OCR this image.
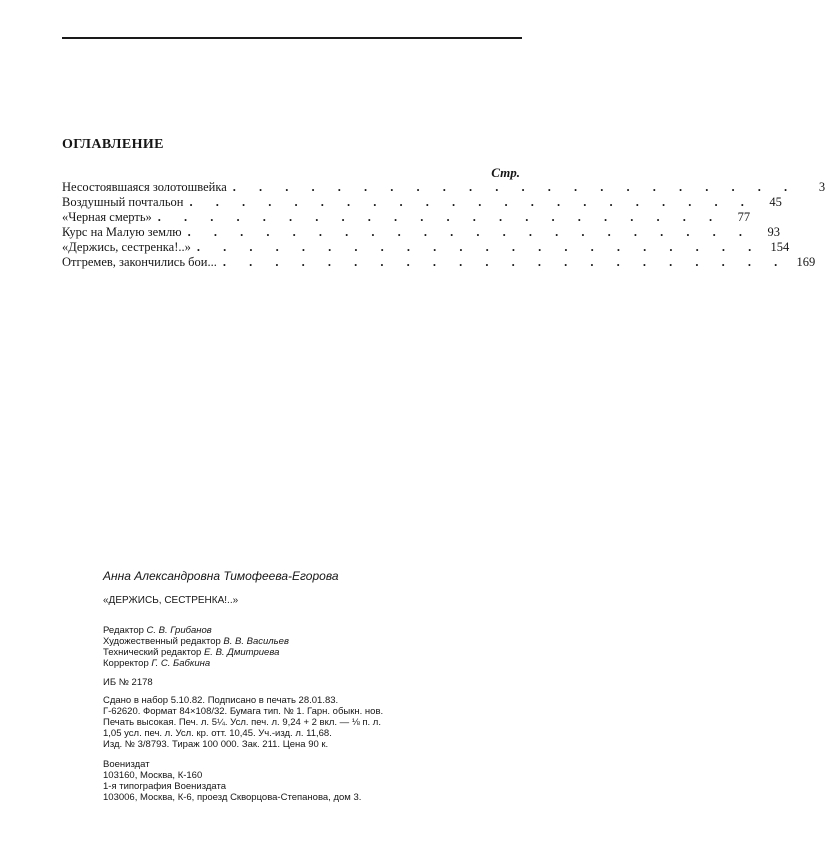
ОГЛАВЛЕНИЕ
Стр.
Несостоявшаяся золотошвейка . . . . . . . . . . . . . . . . . . . . . .	3
Воздушный почтальон . . . . . . . . . . . . . . . . . . . . . .	45
«Черная смерть» . . . . . . . . . . . . . . . . . . . . . .	77
Курс на Малую землю . . . . . . . . . . . . . . . . . . . . . .	93
«Держись, сестренка!..» . . . . . . . . . . . . . . . . . . . . . . 154
Отгремев, закончились бои... . . . . . . . . . . . . . . . . . . . . . . 169
Анна Александровна Тимофеева-Егорова
«ДЕРЖИСЬ, СЕСТРЕНКА!..»
Редактор С. В. Грибанов
Художественный редактор В. В. Васильев
Технический редактор Е. В. Дмитриева
Корректор Г. С. Бабкина
ИБ № 2178
Сдано в набор 5.10.82. Подписано в печать 28.01.83.
Г-62620. Формат 84×108/32. Бумага тип. № 1. Гарн. обыкн. нов.
Печать высокая. Печ. л. 5¼. Усл. печ. л. 9,24 + 2 вкл. — ⅛ п. л.
1,05 усл. печ. л. Усл. кр. отт. 10,45. Уч.-изд. л. 11,68.
Изд. № 3/8793. Тираж 100 000. Зак. 211. Цена 90 к.
Воениздат
103160, Москва, К-160
1-я типография Воениздата
103006, Москва, К-6, проезд Скворцова-Степанова, дом 3.
